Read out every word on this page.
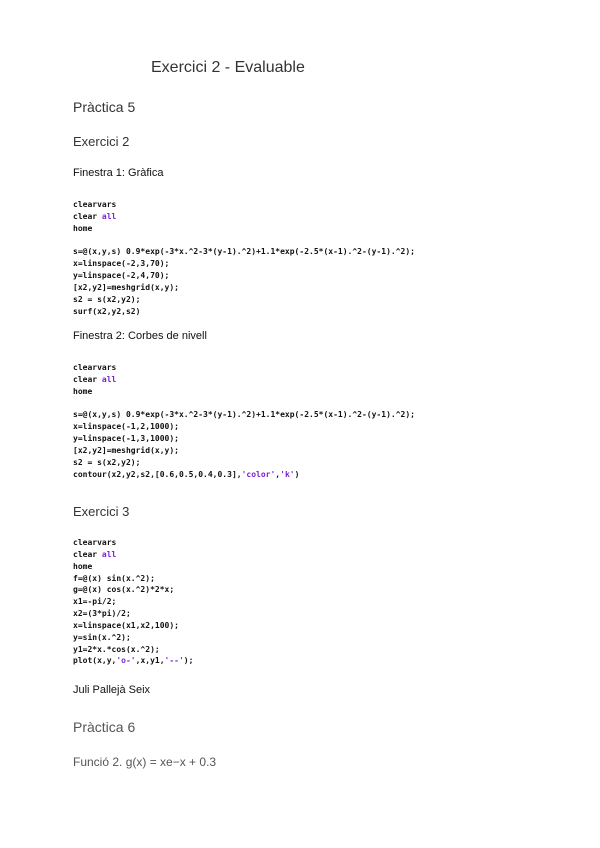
Exercici 2 - Evaluable
Pràctica 5
Exercici 2
Finestra 1: Gràfica
clearvars
clear all
home
s=@(x,y,s) 0.9*exp(-3*x.^2-3*(y-1).^2)+1.1*exp(-2.5*(x-1).^2-(y-1).^2);
x=linspace(-2,3,70);
y=linspace(-2,4,70);
[x2,y2]=meshgrid(x,y);
s2 = s(x2,y2);
surf(x2,y2,s2)
Finestra 2: Corbes de nivell
clearvars
clear all
home
s=@(x,y,s) 0.9*exp(-3*x.^2-3*(y-1).^2)+1.1*exp(-2.5*(x-1).^2-(y-1).^2);
x=linspace(-1,2,1000);
y=linspace(-1,3,1000);
[x2,y2]=meshgrid(x,y);
s2 = s(x2,y2);
contour(x2,y2,s2,[0.6,0.5,0.4,0.3],'color','k')
Exercici 3
clearvars
clear all
home
f=@(x) sin(x.^2);
g=@(x) cos(x.^2)*2*x;
x1=-pi/2;
x2=(3*pi)/2;
x=linspace(x1,x2,100);
y=sin(x.^2);
y1=2*x.*cos(x.^2);
plot(x,y,'o-',x,y1,'--');
Juli Pallejà Seix
Pràctica 6
Funció 2. g(x) = xe−x + 0.3
